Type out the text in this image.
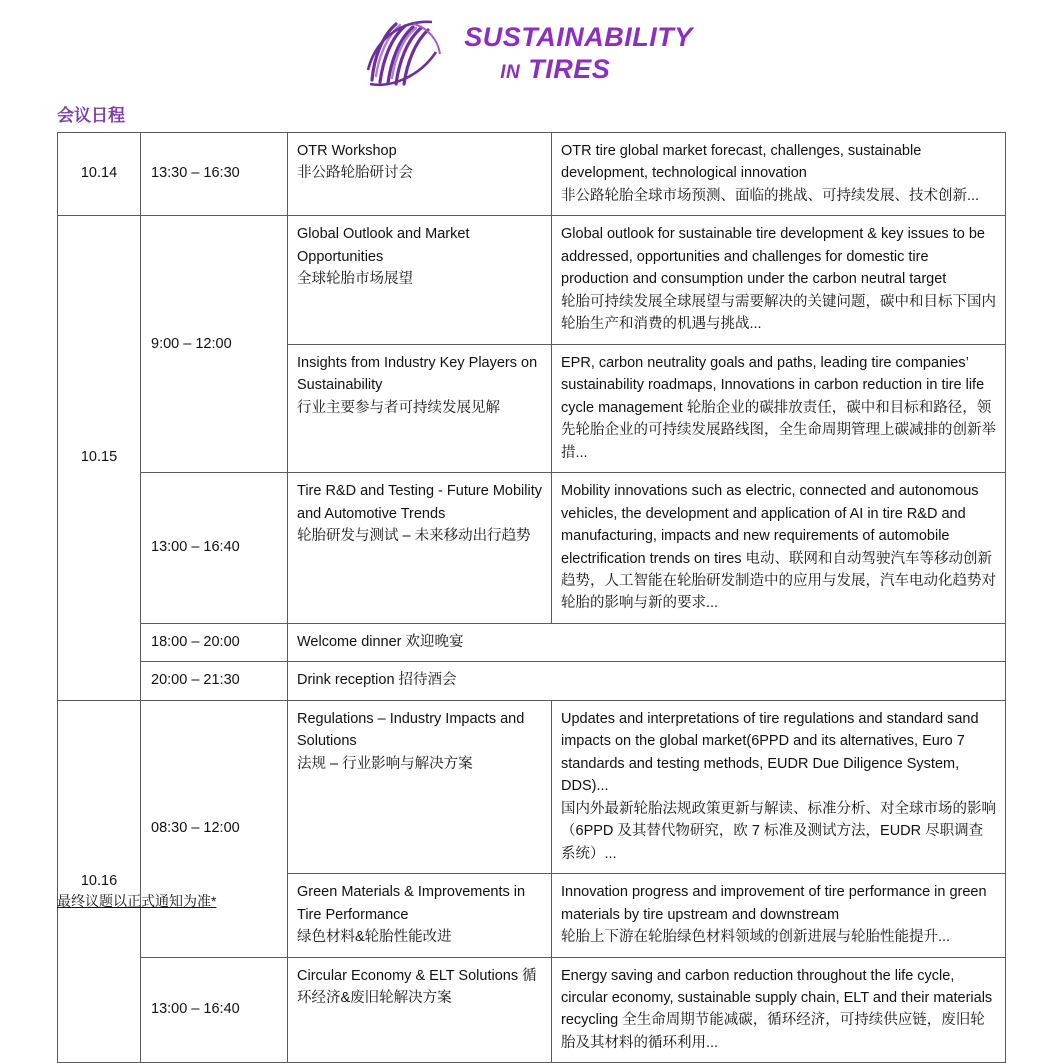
SUSTAINABILITY
IN TIRES
会议日程
10.14	13:30 – 16:30	OTR Workshop
非公路轮胎研讨会	OTR tire global market forecast, challenges, sustainable development, technological innovation
非公路轮胎全球市场预测、面临的挑战、可持续发展、技术创新...

10.15	9:00 – 12:00	Global Outlook and Market Opportunities
全球轮胎市场展望	Global outlook for sustainable tire development & key issues to be addressed, opportunities and challenges for domestic tire production and consumption under the carbon neutral target
轮胎可持续发展全球展望与需要解决的关键问题，碳中和目标下国内轮胎生产和消费的机遇与挑战...

		Insights from Industry Key Players on Sustainability
行业主要参与者可持续发展见解	EPR, carbon neutrality goals and paths, leading tire companies’ sustainability roadmaps, Innovations in carbon reduction in tire life cycle management 轮胎企业的碳排放责任，碳中和目标和路径，领先轮胎企业的可持续发展路线图，全生命周期管理上碳减排的创新举措...

	13:00 – 16:40	Tire R&D and Testing - Future Mobility and Automotive Trends
轮胎研发与测试 – 未来移动出行趋势	Mobility innovations such as electric, connected and autonomous vehicles, the development and application of AI in tire R&D and manufacturing, impacts and new requirements of automobile electrification trends on tires 电动、联网和自动驾驶汽车等移动创新趋势，人工智能在轮胎研发制造中的应用与发展，汽车电动化趋势对轮胎的影响与新的要求...

	18:00 – 20:00	Welcome dinner 欢迎晚宴	
	20:00 – 21:30	Drink reception 招待酒会	
10.16	08:30 – 12:00	Regulations – Industry Impacts and Solutions
法规 – 行业影响与解决方案	Updates and interpretations of tire regulations and standard sand impacts on the global market(6PPD and its alternatives, Euro 7 standards and testing methods, EUDR Due Diligence System, DDS)...
国内外最新轮胎法规政策更新与解读、标准分析、对全球市场的影响（6PPD 及其替代物研究，欧 7 标准及测试方法，EUDR 尽职调查系统）...

		Green Materials & Improvements in Tire Performance
绿色材料&轮胎性能改进	Innovation progress and improvement of tire performance in green materials by tire upstream and downstream
轮胎上下游在轮胎绿色材料领域的创新进展与轮胎性能提升...

	13:00 – 16:40	Circular Economy & ELT Solutions 循环经济&废旧轮解决方案	Energy saving and carbon reduction throughout the life cycle, circular economy, sustainable supply chain, ELT and their materials recycling 全生命周期节能减碳，循环经济，可持续供应链，废旧轮胎及其材料的循环利用...
最终议题以正式通知为准*
